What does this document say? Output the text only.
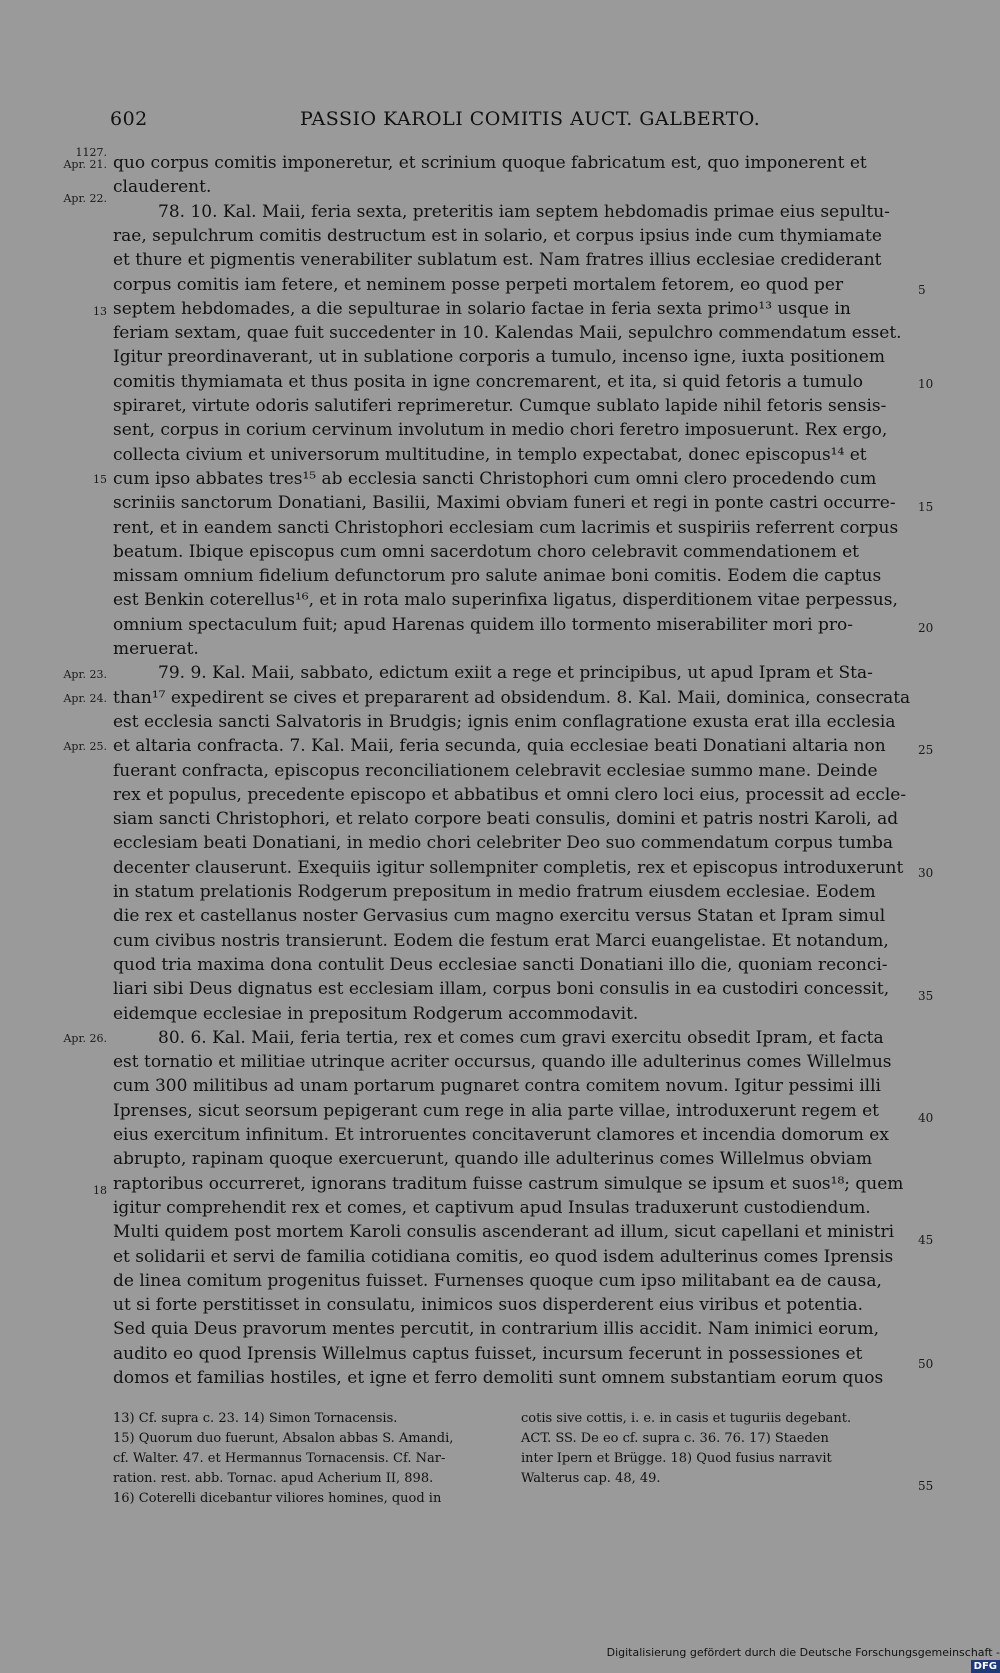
602	PASSIO KAROLI COMITIS AUCT. GALBERTO.
quo corpus comitis imponeretur, et scrinium quoque fabricatum est, quo imponerent et
clauderent.
78. 10. Kal. Maii, feria sexta, preteritis iam septem hebdomadis primae eius sepultu-
rae, sepulchrum comitis destructum est in solario, et corpus ipsius inde cum thymiamate
et thure et pigmentis venerabiliter sublatum est. Nam fratres illius ecclesiae crediderant
corpus comitis iam fetere, et neminem posse perpeti mortalem fetorem, eo quod per
septem hebdomades, a die sepulturae in solario factae in feria sexta primo¹³ usque in
feriam sextam, quae fuit succedenter in 10. Kalendas Maii, sepulchro commendatum esset.
Igitur preordinaverant, ut in sublatione corporis a tumulo, incenso igne, iuxta positionem
comitis thymiamata et thus posita in igne concremarent, et ita, si quid fetoris a tumulo
spiraret, virtute odoris salutiferi reprimeretur. Cumque sublato lapide nihil fetoris sensis-
sent, corpus in corium cervinum involutum in medio chori feretro imposuerunt. Rex ergo,
collecta civium et universorum multitudine, in templo expectabat, donec episcopus¹⁴ et
cum ipso abbates tres¹⁵ ab ecclesia sancti Christophori cum omni clero procedendo cum
scriniis sanctorum Donatiani, Basilii, Maximi obviam funeri et regi in ponte castri occurre-
rent, et in eandem sancti Christophori ecclesiam cum lacrimis et suspiriis referrent corpus
beatum. Ibique episcopus cum omni sacerdotum choro celebravit commendationem et
missam omnium fidelium defunctorum pro salute animae boni comitis. Eodem die captus
est Benkin coterellus¹⁶, et in rota malo superinfixa ligatus, disperditionem vitae perpessus,
omnium spectaculum fuit; apud Harenas quidem illo tormento miserabiliter mori pro-
meruerat.
79. 9. Kal. Maii, sabbato, edictum exiit a rege et principibus, ut apud Ipram et Sta-
than¹⁷ expedirent se cives et prepararent ad obsidendum. 8. Kal. Maii, dominica, consecrata
est ecclesia sancti Salvatoris in Brudgis; ignis enim conflagratione exusta erat illa ecclesia
et altaria confracta. 7. Kal. Maii, feria secunda, quia ecclesiae beati Donatiani altaria non
fuerant confracta, episcopus reconciliationem celebravit ecclesiae summo mane. Deinde
rex et populus, precedente episcopo et abbatibus et omni clero loci eius, processit ad eccle-
siam sancti Christophori, et relato corpore beati consulis, domini et patris nostri Karoli, ad
ecclesiam beati Donatiani, in medio chori celebriter Deo suo commendatum corpus tumba
decenter clauserunt. Exequiis igitur sollempniter completis, rex et episcopus introduxerunt
in statum prelationis Rodgerum prepositum in medio fratrum eiusdem ecclesiae. Eodem
die rex et castellanus noster Gervasius cum magno exercitu versus Statan et Ipram simul
cum civibus nostris transierunt. Eodem die festum erat Marci euangelistae. Et notandum,
quod tria maxima dona contulit Deus ecclesiae sancti Donatiani illo die, quoniam reconci-
liari sibi Deus dignatus est ecclesiam illam, corpus boni consulis in ea custodiri concessit,
eidemque ecclesiae in prepositum Rodgerum accommodavit.
80. 6. Kal. Maii, feria tertia, rex et comes cum gravi exercitu obsedit Ipram, et facta
est tornatio et militiae utrinque acriter occursus, quando ille adulterinus comes Willelmus
cum 300 militibus ad unam portarum pugnaret contra comitem novum. Igitur pessimi illi
Iprenses, sicut seorsum pepigerant cum rege in alia parte villae, introduxerunt regem et
eius exercitum infinitum. Et introruentes concitaverunt clamores et incendia domorum ex
abrupto, rapinam quoque exercuerunt, quando ille adulterinus comes Willelmus obviam
raptoribus occurreret, ignorans traditum fuisse castrum simulque se ipsum et suos¹⁸; quem
igitur comprehendit rex et comes, et captivum apud Insulas traduxerunt custodiendum.
Multi quidem post mortem Karoli consulis ascenderant ad illum, sicut capellani et ministri
et solidarii et servi de familia cotidiana comitis, eo quod isdem adulterinus comes Iprensis
de linea comitum progenitus fuisset. Furnenses quoque cum ipso militabant ea de causa,
ut si forte perstitisset in consulatu, inimicos suos disperderent eius viribus et potentia.
Sed quia Deus pravorum mentes percutit, in contrarium illis accidit. Nam inimici eorum,
audito eo quod Iprensis Willelmus captus fuisset, incursum fecerunt in possessiones et
domos et familias hostiles, et igne et ferro demoliti sunt omnem substantiam eorum quos
1127.
Apr. 21.
Apr. 22.
Apr. 23.
Apr. 24.
Apr. 25.
Apr. 26.
13
15
18
5
10
15
20
25
30
35
40
45
50
55
13) Cf. supra c. 23. 14) Simon Tornacensis.
15) Quorum duo fuerunt, Absalon abbas S. Amandi,
cf. Walter. 47. et Hermannus Tornacensis. Cf. Nar-
ration. rest. abb. Tornac. apud Acherium II, 898.
16) Coterelli dicebantur viliores homines, quod in
cotis sive cottis, i. e. in casis et tuguriis degebant.
ACT. SS. De eo cf. supra c. 36. 76. 17) Staeden
inter Ipern et Brügge. 18) Quod fusius narravit
Walterus cap. 48, 49.
Digitalisierung gefördert durch die Deutsche Forschungsgemeinschaft -DFG
